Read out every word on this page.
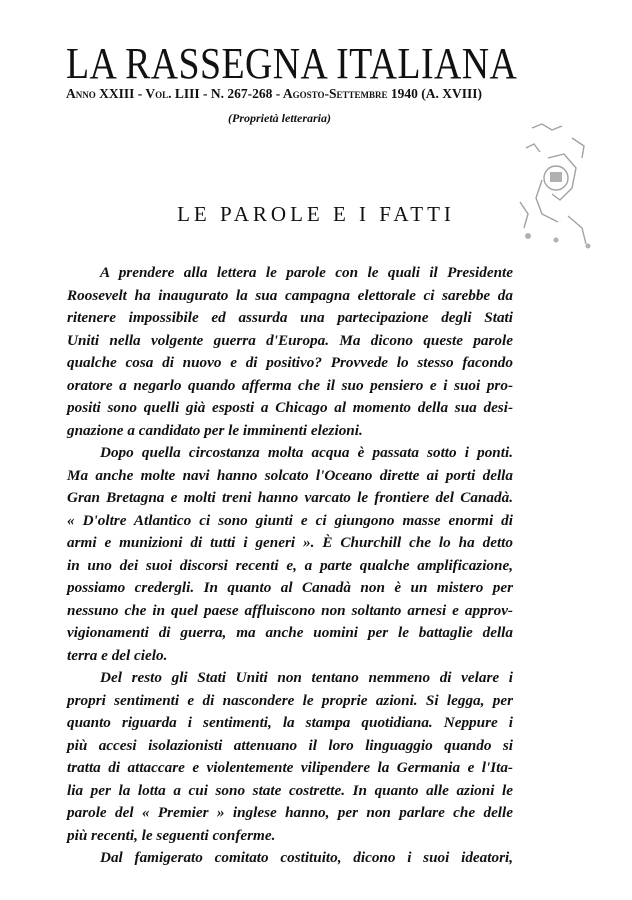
LA RASSEGNA ITALIANA
Anno XXIII - Vol. LIII - N. 267-268 - Agosto-Settembre 1940 (A. XVIII)
(Proprietà letteraria)
LE PAROLE E I FATTI
A prendere alla lettera le parole con le quali il Presidente
Roosevelt ha inaugurato la sua campagna elettorale ci sarebbe da
ritenere impossibile ed assurda una partecipazione degli Stati
Uniti nella volgente guerra d'Europa. Ma dicono queste parole
qualche cosa di nuovo e di positivo? Provvede lo stesso facondo
oratore a negarlo quando afferma che il suo pensiero e i suoi pro-
positi sono quelli già esposti a Chicago al momento della sua desi-
gnazione a candidato per le imminenti elezioni.
Dopo quella circostanza molta acqua è passata sotto i ponti.
Ma anche molte navi hanno solcato l'Oceano dirette ai porti della
Gran Bretagna e molti treni hanno varcato le frontiere del Canadà.
« D'oltre Atlantico ci sono giunti e ci giungono masse enormi di
armi e munizioni di tutti i generi ». È Churchill che lo ha detto
in uno dei suoi discorsi recenti e, a parte qualche amplificazione,
possiamo credergli. In quanto al Canadà non è un mistero per
nessuno che in quel paese affluiscono non soltanto arnesi e approv-
vigionamenti di guerra, ma anche uomini per le battaglie della
terra e del cielo.
Del resto gli Stati Uniti non tentano nemmeno di velare i
propri sentimenti e di nascondere le proprie azioni. Si legga, per
quanto riguarda i sentimenti, la stampa quotidiana. Neppure i
più accesi isolazionisti attenuano il loro linguaggio quando si
tratta di attaccare e violentemente vilipendere la Germania e l'Ita-
lia per la lotta a cui sono state costrette. In quanto alle azioni le
parole del « Premier » inglese hanno, per non parlare che delle
più recenti, le seguenti conferme.
Dal famigerato comitato costituito, dicono i suoi ideatori,
